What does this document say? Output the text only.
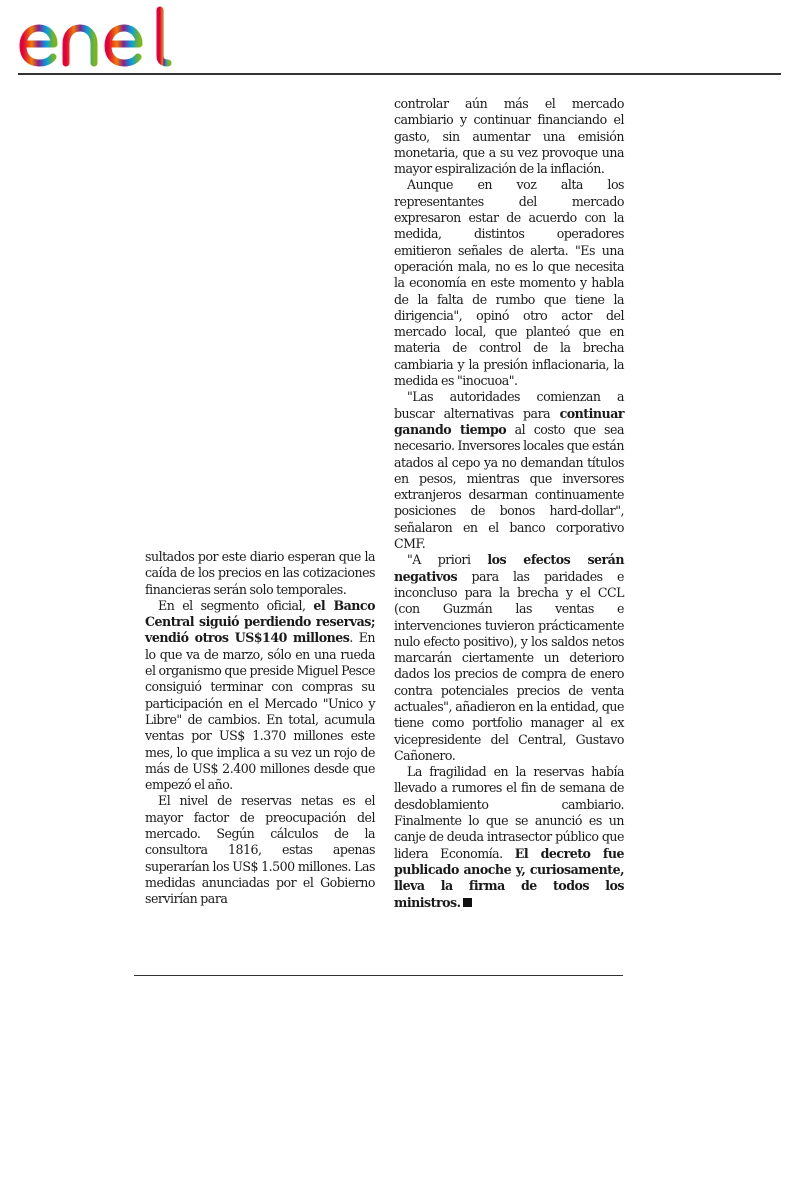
sultados por este diario esperan que la caída de los precios en las cotizaciones financieras serán solo temporales.

En el segmento oficial, el Banco Central siguió perdiendo reservas; vendió otros US$140 millones. En lo que va de marzo, sólo en una rueda el organismo que preside Miguel Pesce consiguió terminar con compras su participación en el Mercado "Unico y Libre" de cambios. En total, acumula ventas por US$ 1.370 millones este mes, lo que implica a su vez un rojo de más de US$ 2.400 millones desde que empezó el año.

El nivel de reservas netas es el mayor factor de preocupación del mercado. Según cálculos de la consultora 1816, estas apenas superarían los US$ 1.500 millones. Las medidas anunciadas por el Gobierno servirían para

controlar aún más el mercado cambiario y continuar financiando el gasto, sin aumentar una emisión monetaria, que a su vez provoque una mayor espiralización de la inflación.

Aunque en voz alta los representantes del mercado expresaron estar de acuerdo con la medida, distintos operadores emitieron señales de alerta. "Es una operación mala, no es lo que necesita la economía en este momento y habla de la falta de rumbo que tiene la dirigencia", opinó otro actor del mercado local, que planteó que en materia de control de la brecha cambiaria y la presión inflacionaria, la medida es "inocuoa".

"Las autoridades comienzan a buscar alternativas para continuar ganando tiempo al costo que sea necesario. Inversores locales que están atados al cepo ya no demandan títulos en pesos, mientras que inversores extranjeros desarman continuamente posiciones de bonos hard-dollar", señalaron en el banco corporativo CMF.

"A priori los efectos serán negativos para las paridades e inconcluso para la brecha y el CCL (con Guzmán las ventas e intervenciones tuvieron prácticamente nulo efecto positivo), y los saldos netos marcarán ciertamente un deterioro dados los precios de compra de enero contra potenciales precios de venta actuales", añadieron en la entidad, que tiene como portfolio manager al ex vicepresidente del Central, Gustavo Cañonero.

La fragilidad en la reservas había llevado a rumores el fin de semana de desdoblamiento cambiario. Finalmente lo que se anunció es un canje de deuda intrasector público que lidera Economía. El decreto fue publicado anoche y, curiosamente, lleva la firma de todos los ministros.
